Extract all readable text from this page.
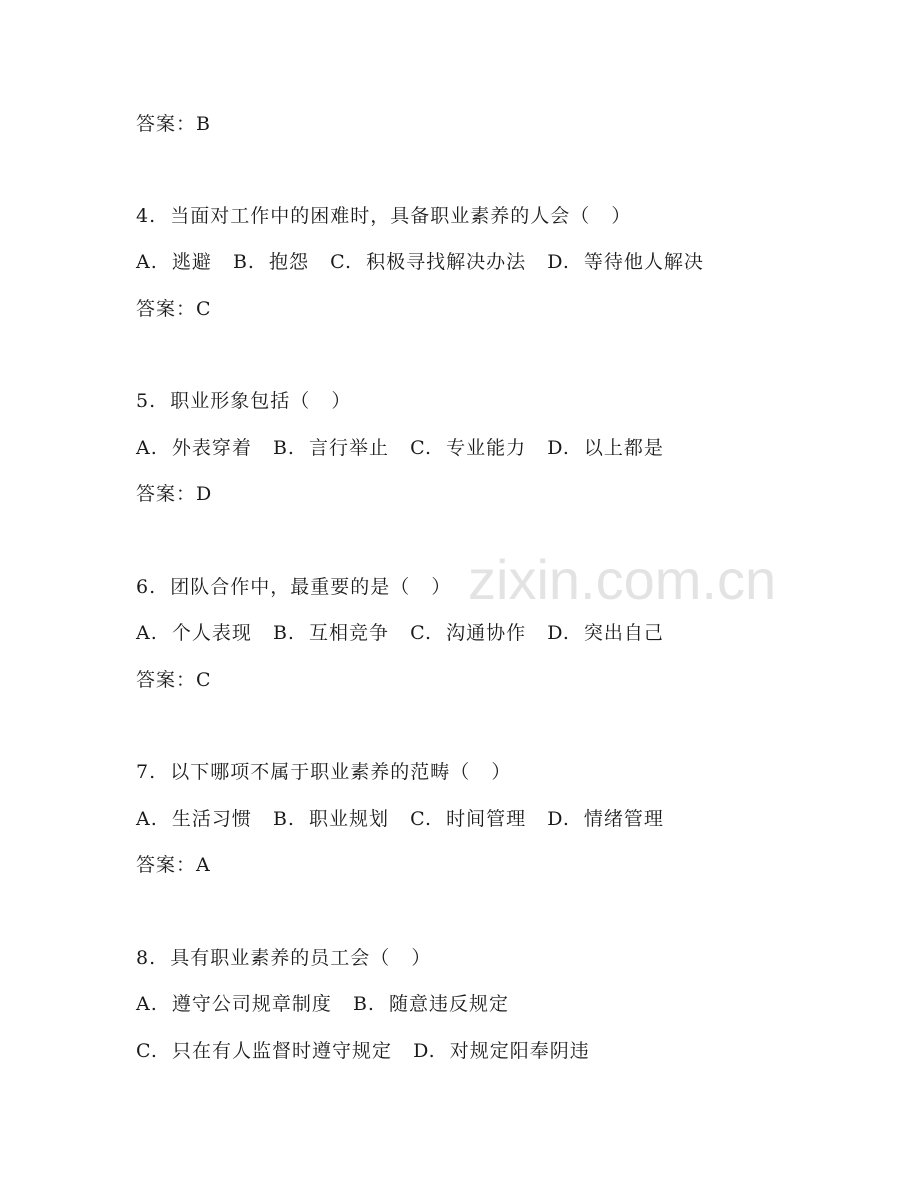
zixin.com.cn
答案：B
4.  当面对工作中的困难时，具备职业素养的人会（   ）
A.  逃避   B.  抱怨   C.  积极寻找解决办法   D.  等待他人解决
答案：C
5.  职业形象包括（   ）
A.  外表穿着   B.  言行举止   C.  专业能力   D.  以上都是
答案：D
6.  团队合作中，最重要的是（   ）
A.  个人表现   B.  互相竞争   C.  沟通协作   D.  突出自己
答案：C
7.  以下哪项不属于职业素养的范畴（   ）
A.  生活习惯   B.  职业规划   C.  时间管理   D.  情绪管理
答案：A
8.  具有职业素养的员工会（   ）
A.  遵守公司规章制度   B.  随意违反规定
C.  只在有人监督时遵守规定   D.  对规定阳奉阴违
